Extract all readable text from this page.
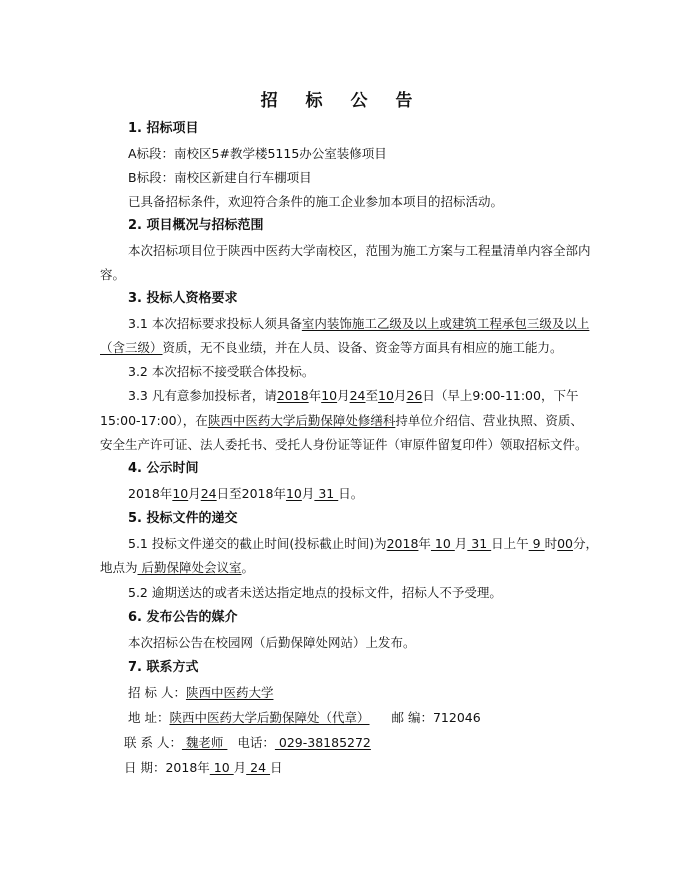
招 标 公 告
1. 招标项目
A标段：南校区5#教学楼5115办公室装修项目
B标段：南校区新建自行车棚项目
已具备招标条件，欢迎符合条件的施工企业参加本项目的招标活动。
2. 项目概况与招标范围
本次招标项目位于陕西中医药大学南校区，范围为施工方案与工程量清单内容全部内
容。
3. 投标人资格要求
3.1 本次招标要求投标人须具备室内装饰施工乙级及以上或建筑工程承包三级及以上
（含三级）资质，无不良业绩，并在人员、设备、资金等方面具有相应的施工能力。
3.2 本次招标不接受联合体投标。
3.3 凡有意参加投标者，请2018年10月24至10月26日（早上9:00-11:00，下午
15:00-17:00），在陕西中医药大学后勤保障处修缮科持单位介绍信、营业执照、资质、
安全生产许可证、法人委托书、受托人身份证等证件（审原件留复印件）领取招标文件。
4. 公示时间
2018年10月24日至2018年10月 31 日。
5. 投标文件的递交
5.1 投标文件递交的截止时间(投标截止时间)为2018年 10 月 31 日上午 9 时00分，
地点为 后勤保障处会议室。
5.2 逾期送达的或者未送达指定地点的投标文件，招标人不予受理。
6. 发布公告的媒介
本次招标公告在校园网（后勤保障处网站）上发布。
7. 联系方式
招 标 人：陕西中医药大学
地 址：陕西中医药大学后勤保障处（代章） 邮 编：712046
联 系 人： 魏老师 电话： 029-38185272
日 期：2018年 10 月 24 日
